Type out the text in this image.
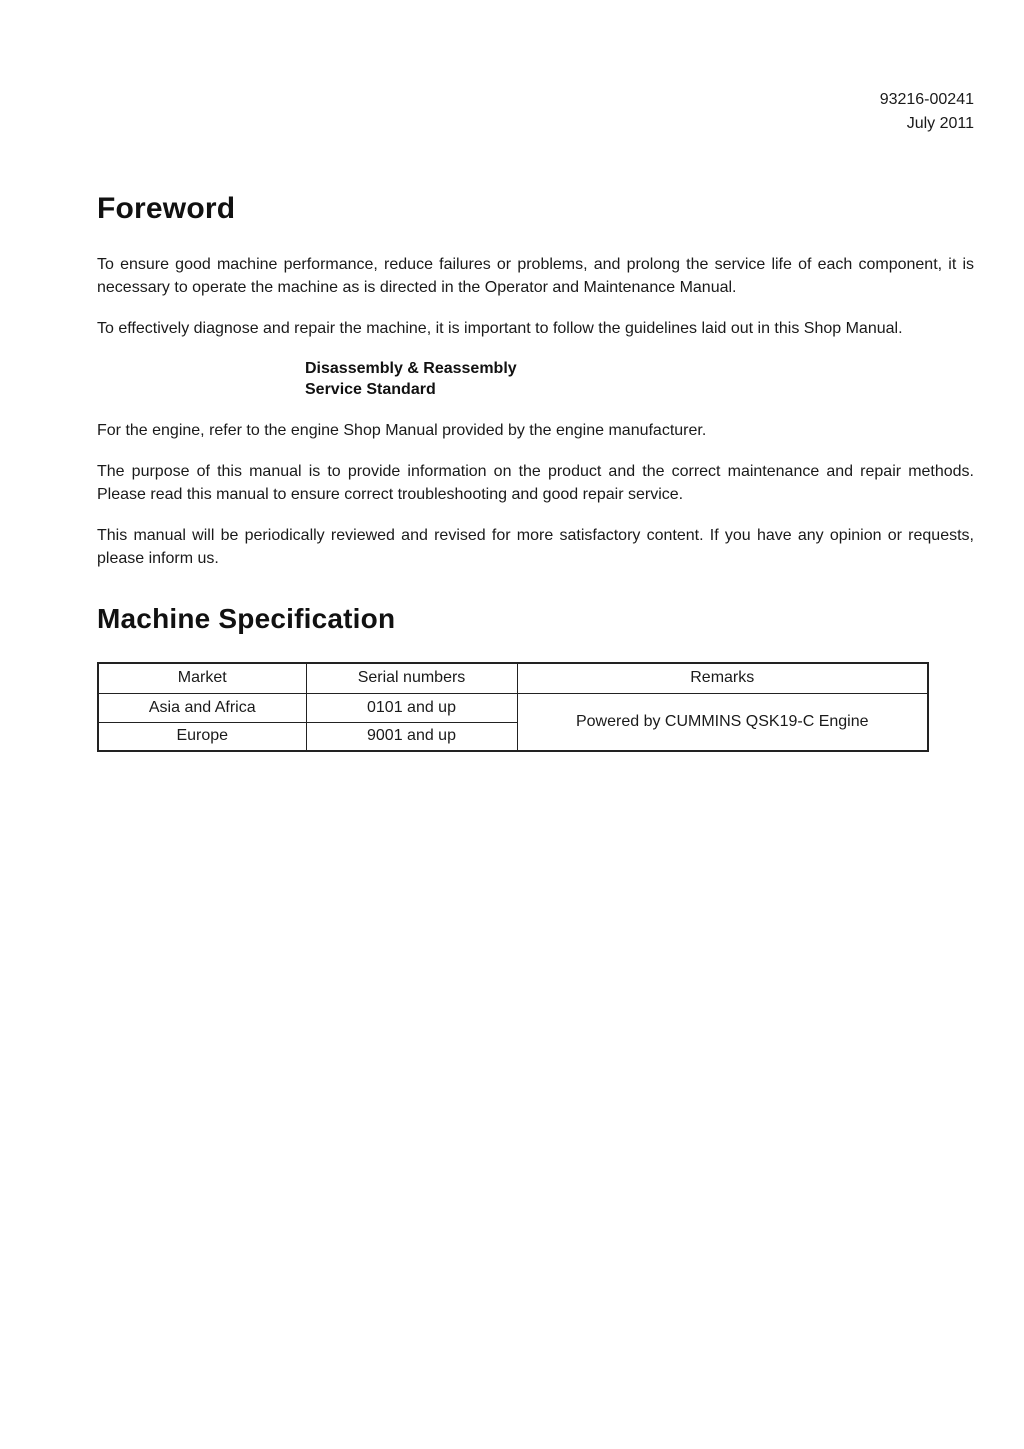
93216-00241
July 2011
Foreword

To ensure good machine performance, reduce failures or problems, and prolong the service life of each component, it is necessary to operate the machine as is directed in the Operator and Maintenance Manual.

To effectively diagnose and repair the machine, it is important to follow the guidelines laid out in this Shop Manual.

Disassembly & Reassembly
Service Standard

For the engine, refer to the engine Shop Manual provided by the engine manufacturer.

The purpose of this manual is to provide information on the product and the correct maintenance and repair methods. Please read this manual to ensure correct troubleshooting and good repair service.

This manual will be periodically reviewed and revised for more satisfactory content. If you have any opinion or requests, please inform us.

Machine Specification
Market	Serial numbers	Remarks
Asia and Africa	0101 and up	Powered by CUMMINS QSK19-C Engine
Europe	9001 and up	
